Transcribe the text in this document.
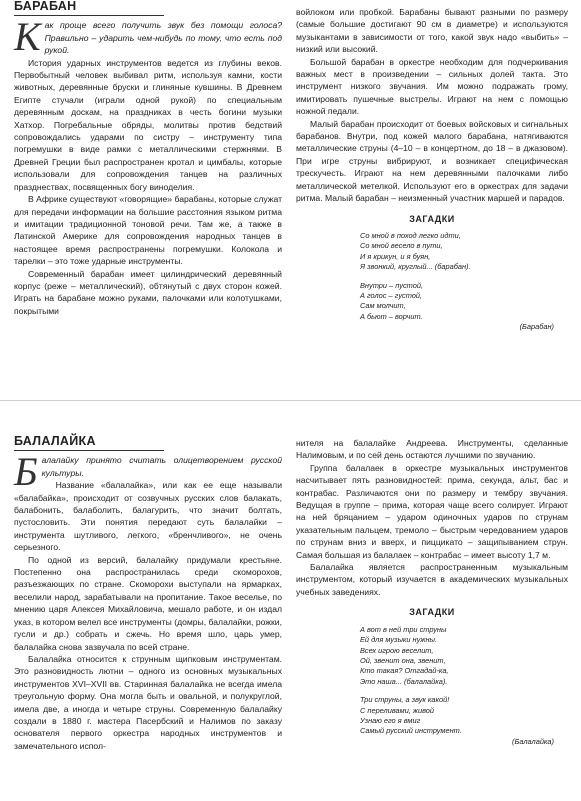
БАРАБАН

Как проще всего получить звук без помощи голоса? Правильно – ударить чем-нибудь по тому, что есть под рукой.

История ударных инструментов ведется из глубины веков. Первобытный человек выбивал ритм, используя камни, кости животных, деревянные бруски и глиняные кувшины. В Древнем Египте стучали (играли одной рукой) по специальным деревянным доскам, на праздниках в честь богини музыки Хатхор. Погребальные обряды, молитвы против бедствий сопровождались ударами по систру – инструменту типа погремушки в виде рамки с металлическими стержнями. В Древней Греции был распространен кротал и цимбалы, которые использовали для сопровождения танцев на различных празднествах, посвященных богу виноделия.

В Африке существуют «говорящие» барабаны, которые служат для передачи информации на большие расстояния языком ритма и имитации традиционной тоновой речи. Там же, а также в Латинской Америке для сопровождения народных танцев в настоящее время распространены погремушки. Колокола и тарелки – это тоже ударные инструменты.

Современный барабан имеет цилиндрический деревянный корпус (реже – металлический), обтянутый с двух сторон кожей. Играть на барабане можно руками, палочками или колотушками, покрытыми

войлоком или пробкой. Барабаны бывают разными по размеру (самые большие достигают 90 см в диаметре) и используются музыкантами в зависимости от того, какой звук надо «выбить» – низкий или высокий.

Большой барабан в оркестре необходим для подчеркивания важных мест в произведении – сильных долей такта. Это инструмент низкого звучания. Им можно подражать грому, имитировать пушечные выстрелы. Играют на нем с помощью ножной педали.

Малый барабан происходит от боевых войсковых и сигнальных барабанов. Внутри, под кожей малого барабана, натягиваются металлические струны (4–10 – в концертном, до 18 – в джазовом). При игре струны вибрируют, и возникает специфическая трескучесть. Играют на нем деревянными палочками либо металлической метелкой. Используют его в оркестрах для задачи ритма. Малый барабан – неизменный участник маршей и парадов.

ЗАГАДКИ
Со мной в поход легко идти,
Со мной весело в пути,
И я крикун, и я буян,
Я звонкий, круглый... (барабан).
Внутри – пустой,
А голос – густой,
Сам молчит,
А бьют – ворчит.
(Барабан)
БАЛАЛАЙКА

Балалайку принято считать олицетворением русской культуры.

Название «балалайка», или как ее еще называли «балабайка», происходит от созвучных русских слов балакать, балабонить, балаболить, балагурить, что значит болтать, пустословить. Эти понятия передают суть балалайки – инструмента шутливого, легкого, «бренчливого», не очень серьезного.

По одной из версий, балалайку придумали крестьяне. Постепенно она распространилась среди скоморохов, разъезжающих по стране. Скоморохи выступали на ярмарках, веселили народ, зарабатывали на пропитание. Такое веселье, по мнению царя Алексея Михайловича, мешало работе, и он издал указ, в котором велел все инструменты (домры, балалайки, рожки, гусли и др.) собрать и сжечь. Но время шло, царь умер, балалайка снова зазвучала по всей стране.

Балалайка относится к струнным щипковым инструментам. Это разновидность лютни – одного из основных музыкальных инструментов XVI–XVII вв. Старинная балалайка не всегда имела треугольную форму. Она могла быть и овальной, и полукруглой, имела две, а иногда и четыре струны. Современную балалайку создали в 1880 г. мастера Пасербский и Налимов по заказу основателя первого оркестра народных инструментов и замечательного испол-

нителя на балалайке Андреева. Инструменты, сделанные Налимовым, и по сей день остаются лучшими по звучанию.

Группа балалаек в оркестре музыкальных инструментов насчитывает пять разновидностей: прима, секунда, альт, бас и контрабас. Различаются они по размеру и тембру звучания. Ведущая в группе – прима, которая чаще всего солирует. Играют на ней бряцанием – ударом одиночных ударов по струнам указательным пальцем, тремоло – быстрым чередованием ударов по струнам вниз и вверх, и пиццикато – защипыванием струн. Самая большая из балалаек – контрабас – имеет высоту 1,7 м.

Балалайка является распространенным музыкальным инструментом, который изучается в академических музыкальных учебных заведениях.

ЗАГАДКИ
А вот в ней три струны
Ей для музыки нужны.
Всех игрою веселит,
Ой, звенит она, звенит,
Кто такая? Отгадай-ка,
Это наша... (балалайка).
Три струны, а звук какой!
С переливами, живой
Узнаю его я вмиг
Самый русский инструмент.
(Балалайка)
